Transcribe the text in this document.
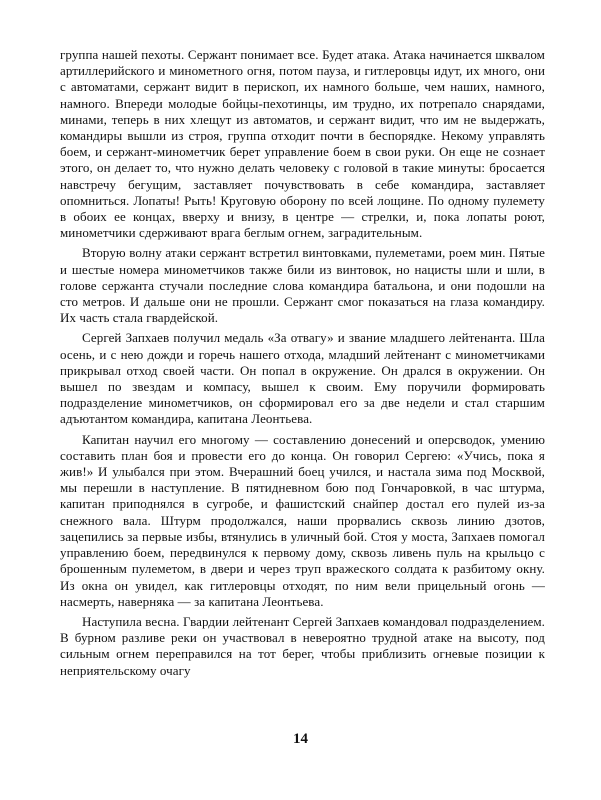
группа нашей пехоты. Сержант понимает все. Будет атака. Атака начинается шквалом артиллерийского и минометного огня, потом пауза, и гитлеровцы идут, их много, они с автоматами, сержант видит в перископ, их намного больше, чем наших, намного, намного. Впереди молодые бойцы-пехотинцы, им трудно, их потрепало снарядами, минами, теперь в них хлещут из автоматов, и сержант видит, что им не выдержать, командиры вышли из строя, группа отходит почти в беспорядке. Некому управлять боем, и сержант-минометчик берет управление боем в свои руки. Он еще не сознает этого, он делает то, что нужно делать человеку с головой в такие минуты: бросается навстречу бегущим, заставляет почувствовать в себе командира, заставляет опомниться. Лопаты! Рыть! Круговую оборону по всей лощине. По одному пулемету в обоих ее концах, вверху и внизу, в центре — стрелки, и, пока лопаты роют, минометчики сдерживают врага беглым огнем, заградительным.

Вторую волну атаки сержант встретил винтовками, пулеметами, роем мин. Пятые и шестые номера минометчиков также били из винтовок, но нацисты шли и шли, в голове сержанта стучали последние слова командира батальона, и они подошли на сто метров. И дальше они не прошли. Сержант смог показаться на глаза командиру. Их часть стала гвардейской.

Сергей Запхаев получил медаль «За отвагу» и звание младшего лейтенанта. Шла осень, и с нею дожди и горечь нашего отхода, младший лейтенант с минометчиками прикрывал отход своей части. Он попал в окружение. Он дрался в окружении. Он вышел по звездам и компасу, вышел к своим. Ему поручили формировать подразделение минометчиков, он сформировал его за две недели и стал старшим адъютантом командира, капитана Леонтьева.

Капитан научил его многому — составлению донесений и оперсводок, умению составить план боя и провести его до конца. Он говорил Сергею: «Учись, пока я жив!» И улыбался при этом. Вчерашний боец учился, и настала зима под Москвой, мы перешли в наступление. В пятидневном бою под Гончаровкой, в час штурма, капитан приподнялся в сугробе, и фашистский снайпер достал его пулей из-за снежного вала. Штурм продолжался, наши прорвались сквозь линию дзотов, зацепились за первые избы, втянулись в уличный бой. Стоя у моста, Запхаев помогал управлению боем, передвинулся к первому дому, сквозь ливень пуль на крыльцо с брошенным пулеметом, в двери и через труп вражеского солдата к разбитому окну. Из окна он увидел, как гитлеровцы отходят, по ним вели прицельный огонь — насмерть, наверняка — за капитана Леонтьева.

Наступила весна. Гвардии лейтенант Сергей Запхаев командовал подразделением. В бурном разливе реки он участвовал в невероятно трудной атаке на высоту, под сильным огнем переправился на тот берег, чтобы приблизить огневые позиции к неприятельскому очагу

14
